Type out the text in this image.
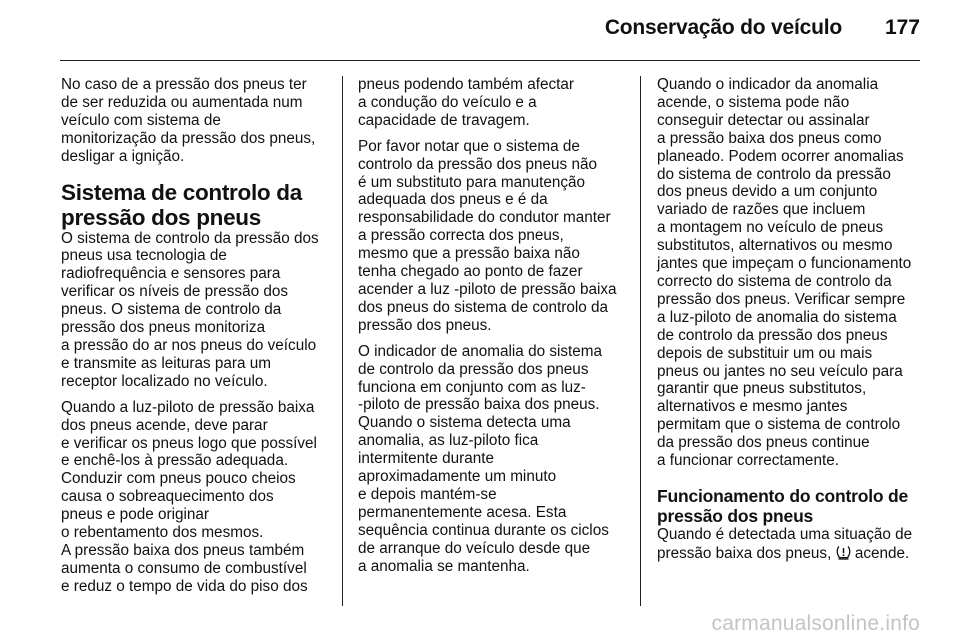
Conservação do veículo 177

No caso de a pressão dos pneus ter
de ser reduzida ou aumentada num
veículo com sistema de
monitorização da pressão dos pneus,
desligar a ignição.

Sistema de controlo da
pressão dos pneus

O sistema de controlo da pressão dos
pneus usa tecnologia de
radiofrequência e sensores para
verificar os níveis de pressão dos
pneus. O sistema de controlo da
pressão dos pneus monitoriza
a pressão do ar nos pneus do veículo
e transmite as leituras para um
receptor localizado no veículo.

Quando a luz-piloto de pressão baixa
dos pneus acende, deve parar
e verificar os pneus logo que possível
e enchê-los à pressão adequada.
Conduzir com pneus pouco cheios
causa o sobreaquecimento dos
pneus e pode originar
o rebentamento dos mesmos.

A pressão baixa dos pneus também
aumenta o consumo de combustível
e reduz o tempo de vida do piso dos

pneus podendo também afectar
a condução do veículo e a
capacidade de travagem.

Por favor notar que o sistema de
controlo da pressão dos pneus não
é um substituto para manutenção
adequada dos pneus e é da
responsabilidade do condutor manter
a pressão correcta dos pneus,
mesmo que a pressão baixa não
tenha chegado ao ponto de fazer
acender a luz -piloto de pressão baixa
dos pneus do sistema de controlo da
pressão dos pneus.

O indicador de anomalia do sistema
de controlo da pressão dos pneus
funciona em conjunto com as luz-
-piloto de pressão baixa dos pneus.
Quando o sistema detecta uma
anomalia, as luz-piloto fica
intermitente durante
aproximadamente um minuto
e depois mantém-se
permanentemente acesa. Esta
sequência continua durante os ciclos
de arranque do veículo desde que
a anomalia se mantenha.

Quando o indicador da anomalia
acende, o sistema pode não
conseguir detectar ou assinalar
a pressão baixa dos pneus como
planeado. Podem ocorrer anomalias
do sistema de controlo da pressão
dos pneus devido a um conjunto
variado de razões que incluem
a montagem no veículo de pneus
substitutos, alternativos ou mesmo
jantes que impeçam o funcionamento
correcto do sistema de controlo da
pressão dos pneus. Verificar sempre
a luz-piloto de anomalia do sistema
de controlo da pressão dos pneus
depois de substituir um ou mais
pneus ou jantes no seu veículo para
garantir que pneus substitutos,
alternativos e mesmo jantes
permitam que o sistema de controlo
da pressão dos pneus continue
a funcionar correctamente.

Funcionamento do controlo de
pressão dos pneus

Quando é detectada uma situação de
pressão baixa dos pneus,  acende.

carmanualsonline.info
